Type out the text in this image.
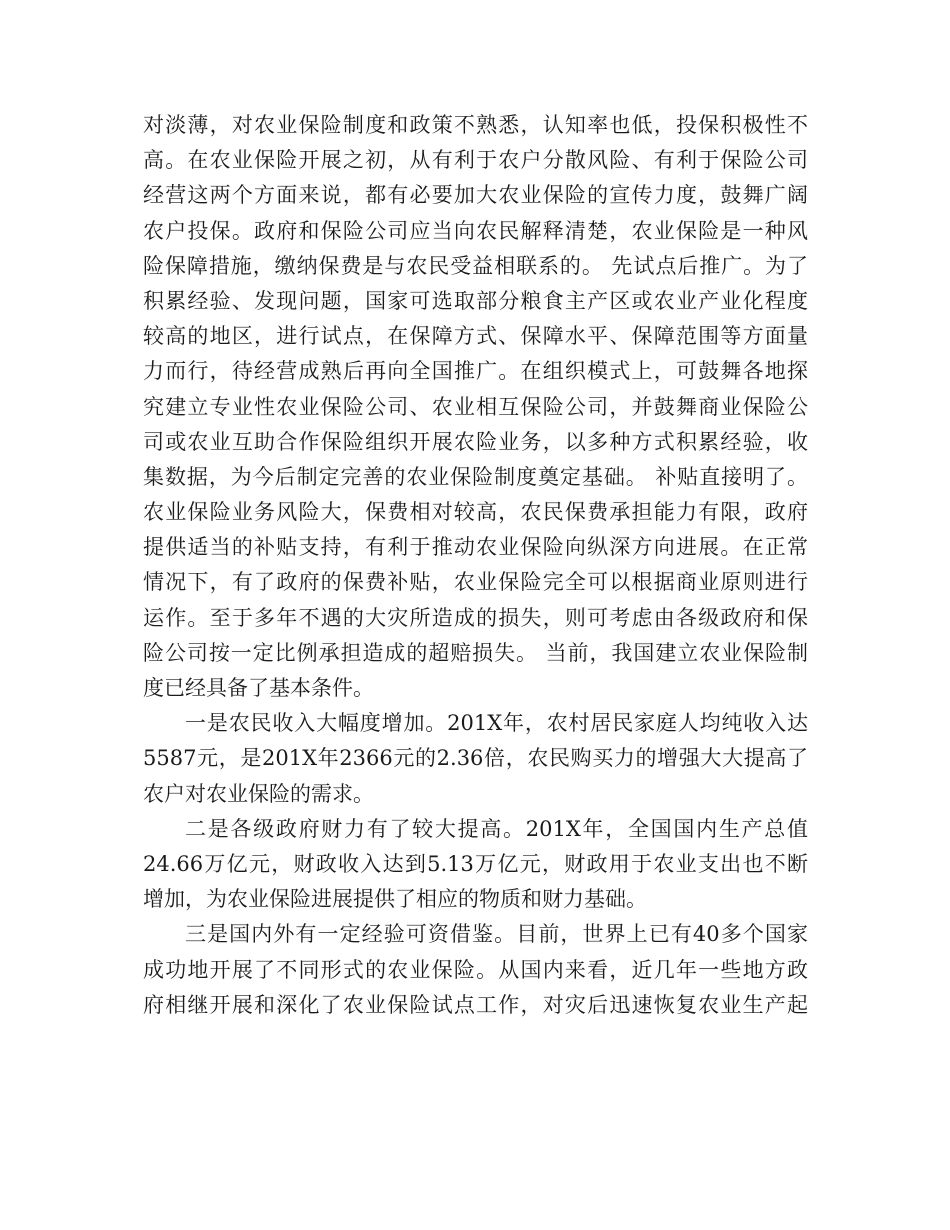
对淡薄，对农业保险制度和政策不熟悉，认知率也低，投保积极性不
高。在农业保险开展之初，从有利于农户分散风险、有利于保险公司
经营这两个方面来说，都有必要加大农业保险的宣传力度，鼓舞广阔
农户投保。政府和保险公司应当向农民解释清楚，农业保险是一种风
险保障措施，缴纳保费是与农民受益相联系的。 先试点后推广。为了
积累经验、发现问题，国家可选取部分粮食主产区或农业产业化程度
较高的地区，进行试点，在保障方式、保障水平、保障范围等方面量
力而行，待经营成熟后再向全国推广。在组织模式上，可鼓舞各地探
究建立专业性农业保险公司、农业相互保险公司，并鼓舞商业保险公
司或农业互助合作保险组织开展农险业务，以多种方式积累经验，收
集数据，为今后制定完善的农业保险制度奠定基础。 补贴直接明了。
农业保险业务风险大，保费相对较高，农民保费承担能力有限，政府
提供适当的补贴支持，有利于推动农业保险向纵深方向进展。在正常
情况下，有了政府的保费补贴，农业保险完全可以根据商业原则进行
运作。至于多年不遇的大灾所造成的损失，则可考虑由各级政府和保
险公司按一定比例承担造成的超赔损失。 当前，我国建立农业保险制
度已经具备了基本条件。
一是农民收入大幅度增加。201X年，农村居民家庭人均纯收入达
5587元，是201X年2366元的2.36倍，农民购买力的增强大大提高了
农户对农业保险的需求。
二是各级政府财力有了较大提高。201X年，全国国内生产总值
24.66万亿元，财政收入达到5.13万亿元，财政用于农业支出也不断
增加，为农业保险进展提供了相应的物质和财力基础。
三是国内外有一定经验可资借鉴。目前，世界上已有40多个国家
成功地开展了不同形式的农业保险。从国内来看，近几年一些地方政
府相继开展和深化了农业保险试点工作，对灾后迅速恢复农业生产起
